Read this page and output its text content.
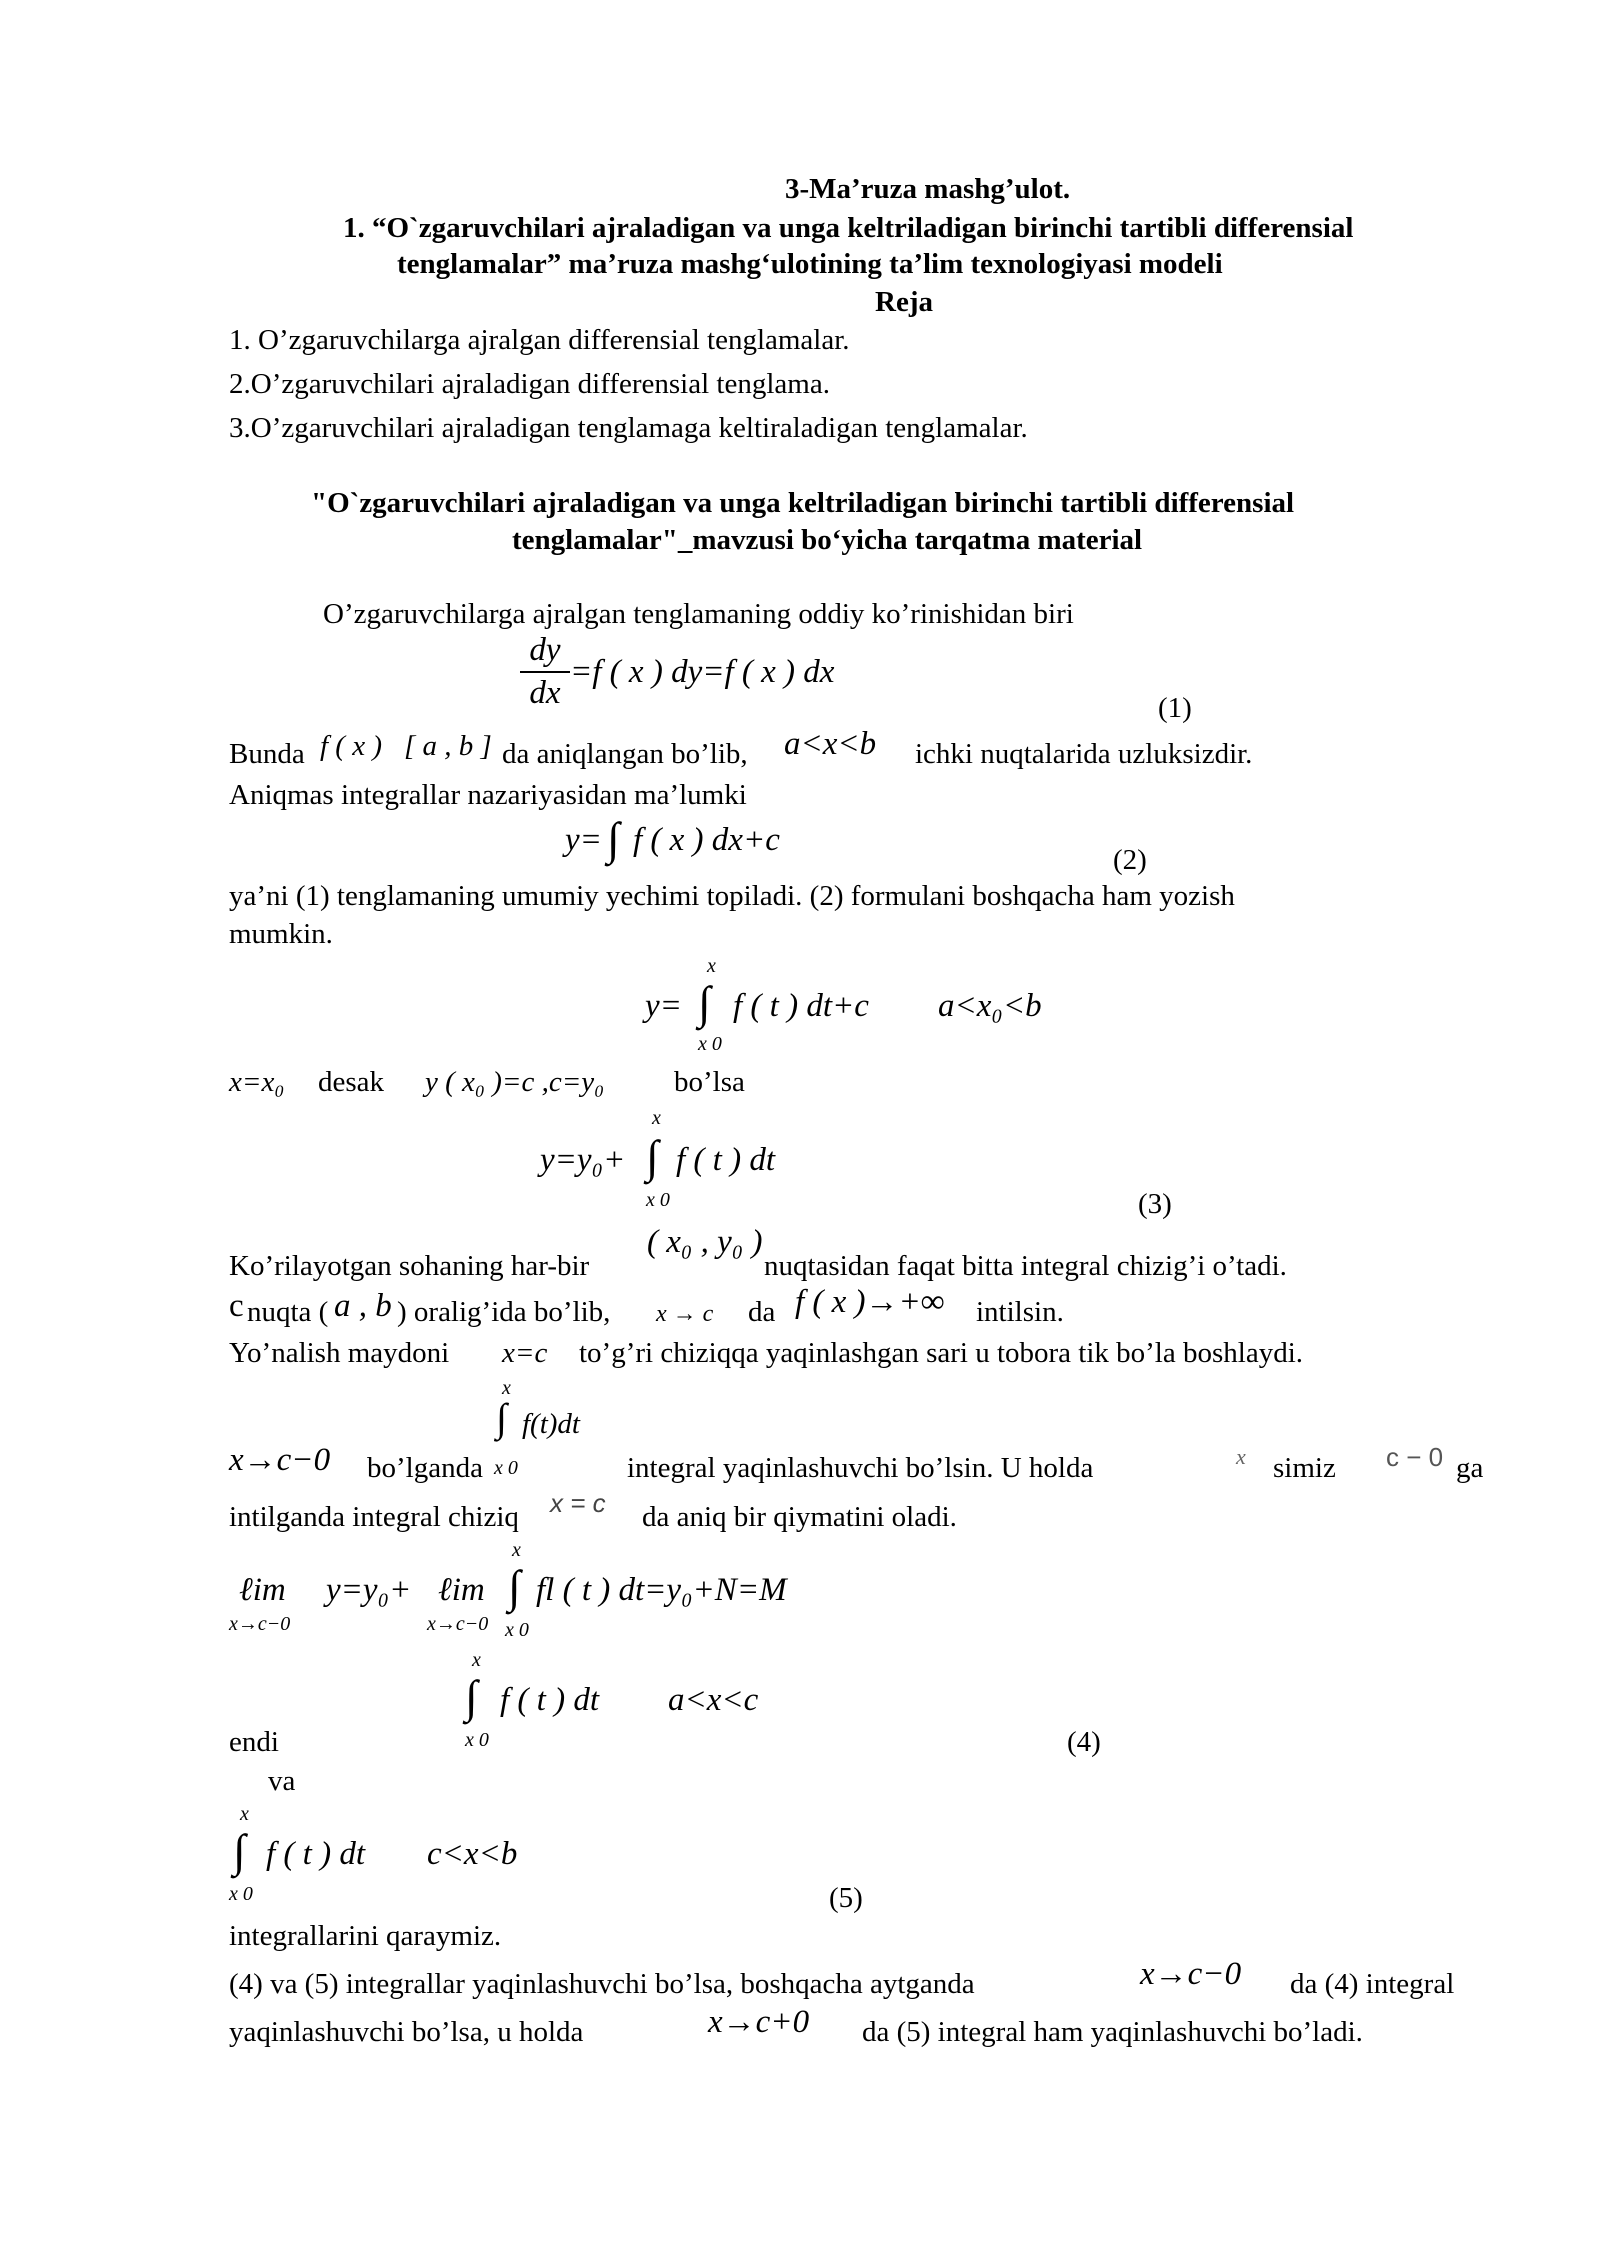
3-Ma’ruza mashg’ulot.
1. “O`zgaruvchilari ajraladigan va unga keltriladigan birinchi tartibli differensial
tenglamalar” ma’ruza mashg‘ulotining ta’lim texnologiyasi modeli
Reja
1. O’zgaruvchilarga ajralgan differensial tenglamalar.
2.O’zgaruvchilari ajraladigan differensial tenglama.
3.O’zgaruvchilari ajraladigan tenglamaga keltiraladigan tenglamalar.
"O`zgaruvchilari ajraladigan va unga keltriladigan birinchi tartibli differensial
tenglamalar"_mavzusi bo‘yicha tarqatma material
O’zgaruvchilarga ajralgan tenglamaning oddiy ko’rinishidan biri
dy
dx
=f ( x ) dy=f ( x ) dx
(1)
Bunda f ( x ) [ a , b ] da aniqlangan bo’lib, a<x<b ichki nuqtalarida uzluksizdir.
Aniqmas integrallar nazariyasidan ma’lumki
y= ∫ f ( x ) dx+c
(2)
ya’ni (1) tenglamaning umumiy yechimi topiladi. (2) formulani boshqacha ham yozish
mumkin.
x
y= ∫ f ( t ) dt+c a<x₀<b
x 0
x=x₀ desak y ( x₀ )=c ,c=y₀ bo’lsa
x
y=y₀+ ∫ f ( t ) dt
x 0	(3)
Ko’rilayotgan sohaning har-bir
( x₀ , y₀ )
nuqtasidan faqat bitta integral chizig’i o’tadi.
c nuqta ( a , b ) oralig’ida bo’lib, x → c da f ( x )→+∞ intilsin.
Yo’nalish maydoni x=c to’g’ri chiziqqa yaqinlashgan sari u tobora tik bo’la boshlaydi.
x
∫ f(t)dt
x→c−0 bo’lganda x 0	integral yaqinlashuvchi bo’lsin. U holda	x simiz c − 0 ga
intilganda integral chiziq x = c da aniq bir qiymatini oladi.
x
ℓim
x→c−0
y=y₀+ ℓim
x→c−0
∫
x 0
fl ( t ) dt=y₀+N=M
x
∫ f ( t ) dt a<x<c
x 0
endi	(4)
va
x
∫ f ( t ) dt c<x<b
x 0	(5)
integrallarini qaraymiz.
(4) va (5) integrallar yaqinlashuvchi bo’lsa, boshqacha aytganda	x→c−0 da (4) integral
yaqinlashuvchi bo’lsa, u holda	x→c+0 da (5) integral ham yaqinlashuvchi bo’ladi.
